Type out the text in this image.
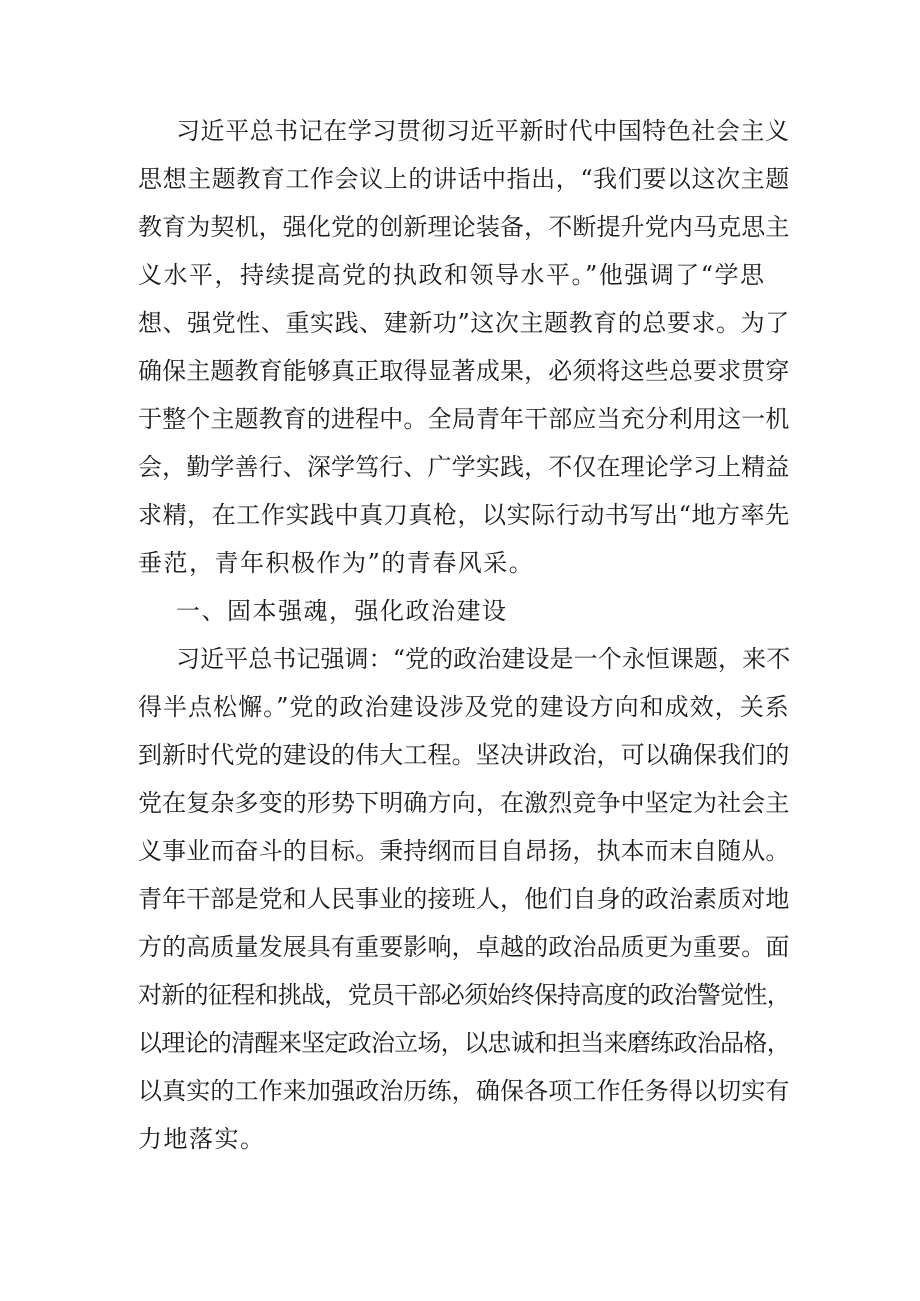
习近平总书记在学习贯彻习近平新时代中国特色社会主义
思想主题教育工作会议上的讲话中指出，“我们要以这次主题
教育为契机，强化党的创新理论装备，不断提升党内马克思主
义水平，持续提高党的执政和领导水平。”他强调了“学思
想、强党性、重实践、建新功”这次主题教育的总要求。为了
确保主题教育能够真正取得显著成果，必须将这些总要求贯穿
于整个主题教育的进程中。全局青年干部应当充分利用这一机
会，勤学善行、深学笃行、广学实践，不仅在理论学习上精益
求精，在工作实践中真刀真枪，以实际行动书写出“地方率先
垂范，青年积极作为”的青春风采。
一、固本强魂，强化政治建设
习近平总书记强调：“党的政治建设是一个永恒课题，来不
得半点松懈。”党的政治建设涉及党的建设方向和成效，关系
到新时代党的建设的伟大工程。坚决讲政治，可以确保我们的
党在复杂多变的形势下明确方向，在激烈竞争中坚定为社会主
义事业而奋斗的目标。秉持纲而目自昂扬，执本而末自随从。
青年干部是党和人民事业的接班人，他们自身的政治素质对地
方的高质量发展具有重要影响，卓越的政治品质更为重要。面
对新的征程和挑战，党员干部必须始终保持高度的政治警觉性，
以理论的清醒来坚定政治立场，以忠诚和担当来磨练政治品格，
以真实的工作来加强政治历练，确保各项工作任务得以切实有
力地落实。
